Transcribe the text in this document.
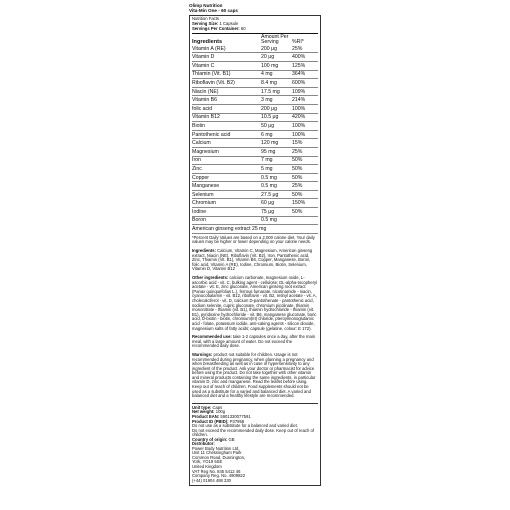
Olimp Nutrition
Vita-Min One - 60 caps
Nutrition Facts
Serving Size: 1 Capsule
Servings Per Container: 60
Ingredients	Amount Per Serving	%RI*
Vitamin A (RE)	200 μg	25%
Vitamin D	20 μg	400%
Vitamin C	100 mg	125%
Thiamin (Vit. B1)	4 mg	364%
Riboflavin (Vit. B2)	8.4 mg	600%
Niacin (NE)	17.5 mg	109%
Vitamin B6	3 mg	214%
folic acid	200 μg	100%
Vitamin B12	10.5 μg	420%
Biotin	50 μg	100%
Pantothenic acid	6 mg	100%
Calcium	120 mg	15%
Magnesium	95 mg	25%
Iron	7 mg	50%
Zinc	5 mg	50%
Copper	0.5 mg	50%
Manganese	0.5 mg	25%
Selenium	27.5 μg	50%
Chromium	60 μg	150%
Iodine	75 μg	50%
Boron	0.5 mg	
American ginseng extract 25 mg		
*Percent Daily Values are based on a 2,000 calorie diet. Your daily values may be higher or lower depending on your calorie needs.
Ingredients: Calcium, Vitamin C, Magnesium, American ginseng extract, Niacin (NE), Riboflavin (Vit. B2), Iron, Pantothenic acid, Zinc, Thiamin (Vit. B1), Vitamin B6, Copper, Manganese, Boron, folic acid, Vitamin A (RE), Iodine, Chromium, Biotin, Selenium, Vitamin D, Vitamin B12
Other ingredients: calcium carbonate, magnesium oxide, L-ascorbic acid - vit. C, bulking agent - cellulose; DL-alpha-tocopheryl acetate - vit. E, zinc gluconate, American ginseng root extract (Panax quinquefolius L.), ferrous fumarate, nicotinamide - niacin, cyanocobalamin - vit. B12, riboflavin - vit. B2, retinyl acetate - vit. A, cholecalciferol - vit. D, calcium D-pantothenate - pantothenic acid, sodium selenite, cupric gluconate, chromium picolinate, thiamin mononitrate - thiamin (vit. B1), thiamin hydrochloride - thiamin (vit. B1), pyridoxine hydrochloride - vit. B6, manganese gluconate, boric acid, D-biotin - biotin, chromium(III) chloride, pteroylmonoglutamic acid - folate, potassium iodide, anti-caking agents - silicon dioxide, magnesium salts of fatty acids; capsule (gelatine, colour: E 172).
Recommended use: take 1-2 capsules once a day, after the main meal, with a large amount of water. Do not exceed the recommended daily dose.
Warnings: product not suitable for children. Usage is not recommended during pregnancy, when planning a pregnancy and when breastfeeding as well as in case of hypersensitivity to any ingredient of the product. Ask your doctor or pharmacist for advice before using the product. Do not take together with other vitamin and mineral products containing the same ingredients, in particular vitamin D, zinc and manganese. Read the leaflet before using. Keep out of reach of children. Food supplements should not be used as a substitute for a varied and balanced diet. A varied and balanced diet and a healthy lifestyle are recommended.
Unit type: Caps
Net weight: 100g
Product EAN: 5901330077591
Product ID (PBID): P37958
Do not use as a substitute for a balanced and varied diet.
Do not exceed the recommended daily dose. Keep out of reach of children.
Country of origin: GB
Distributor:
Power Body Nutrition Ltd,
Unit 11 Chessingham Park
Common Road, Dunnington,
York, YO19 5SE
United Kingdom
VAT Reg No. 845 5412 46
Company Reg. No. 4909822
(+44) 01904 488 330
